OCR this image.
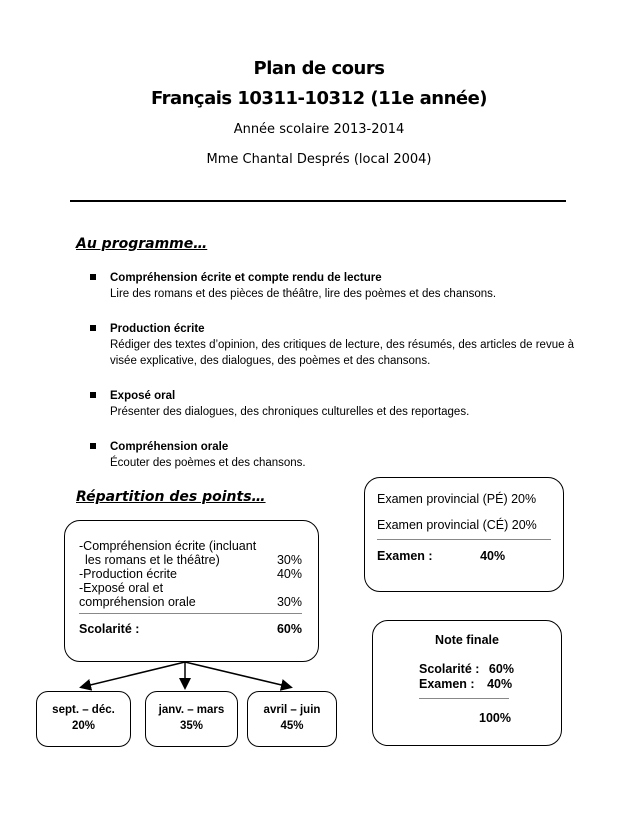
Plan de cours
Français 10311-10312 (11e année)
Année scolaire 2013-2014
Mme Chantal Després (local 2004)
Au programme…
Compréhension écrite et compte rendu de lecture
Lire des romans et des pièces de théâtre, lire des poèmes et des chansons.
Production écrite
Rédiger des textes d’opinion, des critiques de lecture, des résumés, des articles de revue à visée explicative, des dialogues, des poèmes et des chansons.
Exposé oral
Présenter des dialogues, des chroniques culturelles et des reportages.
Compréhension orale
Écouter des poèmes et des chansons.
Répartition des points…
-Compréhension écrite (incluant
les romans et le théâtre)	30%
-Production écrite	40%
-Exposé oral et
compréhension orale	30%
Scolarité :	60%
sept. – déc.
20%
janv. – mars
35%
avril – juin
45%
Examen provincial (PÉ) 20%
Examen provincial (CÉ) 20%
Examen :	40%
Note finale
Scolarité : 60%
Examen : 40%
100%
